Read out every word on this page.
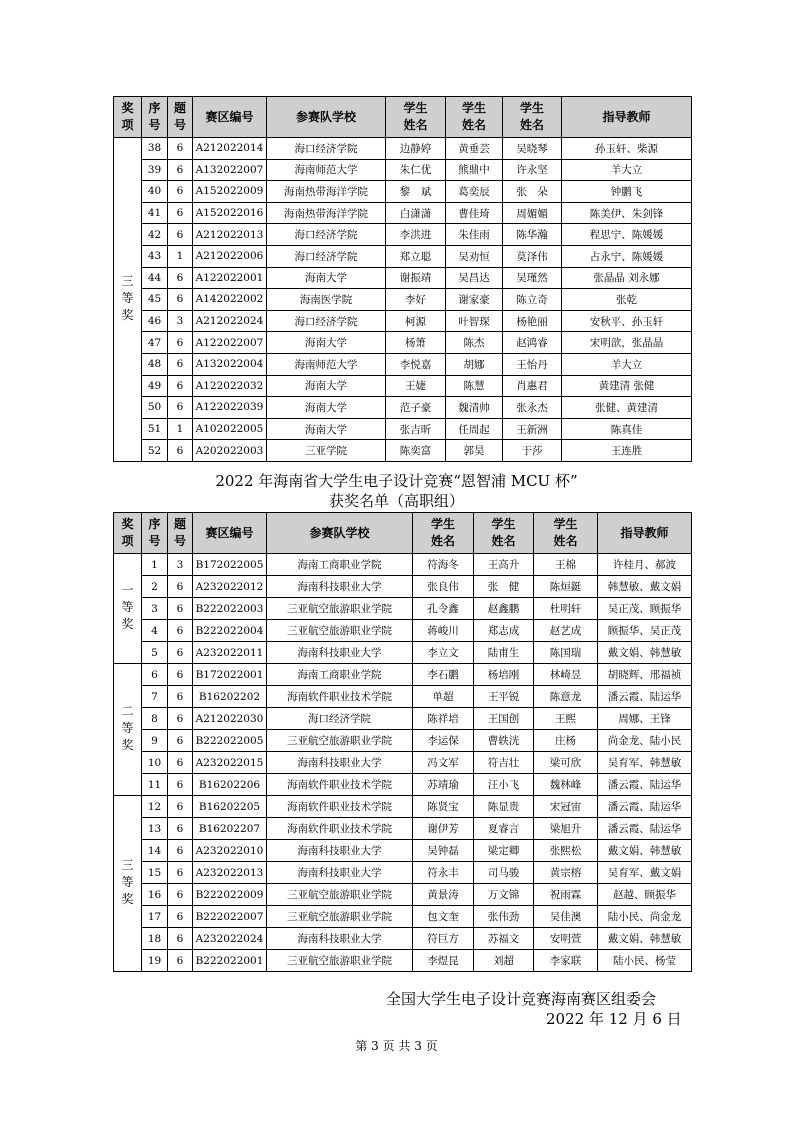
奖项	序号	题号	赛区编号	参赛队学校	学生姓名	学生姓名	学生姓名	指导教师
三等奖	38	6	A212022014	海口经济学院	边静婷	黄垂芸	吴晓琴	孙玉轩、柴源
	39	6	A132022007	海南师范大学	朱仁优	熊鼎中	许永坚	羊大立
	40	6	A152022009	海南热带海洋学院	黎　斌	葛奕辰	张　朵	钟鹏飞
	41	6	A152022016	海南热带海洋学院	白潇潇	曹佳琦	周媚媚	陈美伊、朱剑锋
	42	6	A212022013	海口经济学院	李洪进	朱佳雨	陈华瀚	程思宁、陈媛媛
	43	1	A212022006	海口经济学院	郑立聪	吴劝恒	莫泽伟	占永宁、陈媛媛
	44	6	A122022001	海南大学	谢振靖	吴昌达	吴瑾然	张晶晶 刘永娜
	45	6	A142022002	海南医学院	李好	谢家豪	陈立奇	张乾
	46	3	A212022024	海口经济学院	柯源	叶智琛	杨艳丽	安秋平、孙玉轩
	47	6	A122022007	海南大学	杨箫	陈杰	赵鸿睿	宋明歆，张晶晶
	48	6	A132022004	海南师范大学	李悦嘉	胡娜	王怡丹	羊大立
	49	6	A122022032	海南大学	王婕	陈慧	肖惠君	黄建清 张健
	50	6	A122022039	海南大学	范子豪	魏清帅	张永杰	张健、黄建清
	51	1	A102022005	海南大学	张吉昕	任周起	王新洲	陈真佳
	52	6	A202022003	三亚学院	陈奕富	郭昊	于莎	王连胜
2022 年海南省大学生电子设计竞赛“恩智浦 MCU 杯”
获奖名单（高职组）
奖项	序号	题号	赛区编号	参赛队学校	学生姓名	学生姓名	学生姓名	指导教师
一等奖	1	3	B172022005	海南工商职业学院	符海冬	王高升	王棉	许桂月、郝波
	2	6	A232022012	海南科技职业大学	张良伟	张　健	陈烜鋌	韩慧敏、戴文娟
	3	6	B222022003	三亚航空旅游职业学院	孔令鑫	赵鑫鹏	杜明轩	吴正茂、顾振华
	4	6	B222022004	三亚航空旅游职业学院	蒋峻川	郑志成	赵艺成	顾振华、吴正茂
	5	6	A232022011	海南科技职业大学	李立文	陆甫生	陈国瑞	戴文娟、韩慧敏
二等奖	6	6	B172022001	海南工商职业学院	李石鹏	杨培刚	林崎昱	胡晓辉、邢福祯
	7	6	B16202202	海南软件职业技术学院	单超	王平锐	陈意龙	潘云霞、陆运华
	8	6	A212022030	海口经济学院	陈祥培	王国创	王熙	周娜、王锋
	9	6	B222022005	三亚航空旅游职业学院	李运保	曹轶洸	庄杨	尚金龙、陆小民
	10	6	A232022015	海南科技职业大学	冯文军	符吉壮	梁可欣	吴育军、韩慧敏
	11	6	B16202206	海南软件职业技术学院	苏靖瑜	汪小飞	魏林峰	潘云霞、陆运华
三等奖	12	6	B16202205	海南软件职业技术学院	陈贤宝	陈显贵	宋冠宙	潘云霞、陆运华
	13	6	B16202207	海南软件职业技术学院	谢伊芳	夏睿言	梁旭升	潘云霞、陆运华
	14	6	A232022010	海南科技职业大学	吴钟磊	梁定卿	张熙松	戴文娟、韩慧敏
	15	6	A232022013	海南科技职业大学	符永丰	司马骏	黄宗榕	吴育军、戴文娟
	16	6	B222022009	三亚航空旅游职业学院	黄景涛	万文锦	祝雨霖	赵越、顾振华
	17	6	B222022007	三亚航空旅游职业学院	包文奎	张伟劲	吴佳澳	陆小民、尚金龙
	18	6	A232022024	海南科技职业大学	符巨方	苏福文	安明萱	戴文娟、韩慧敏
	19	6	B222022001	三亚航空旅游职业学院	李煜昆	刘超	李家联	陆小民、杨莹
全国大学生电子设计竞赛海南赛区组委会
2022 年 12 月 6 日
第 3 页 共 3 页
